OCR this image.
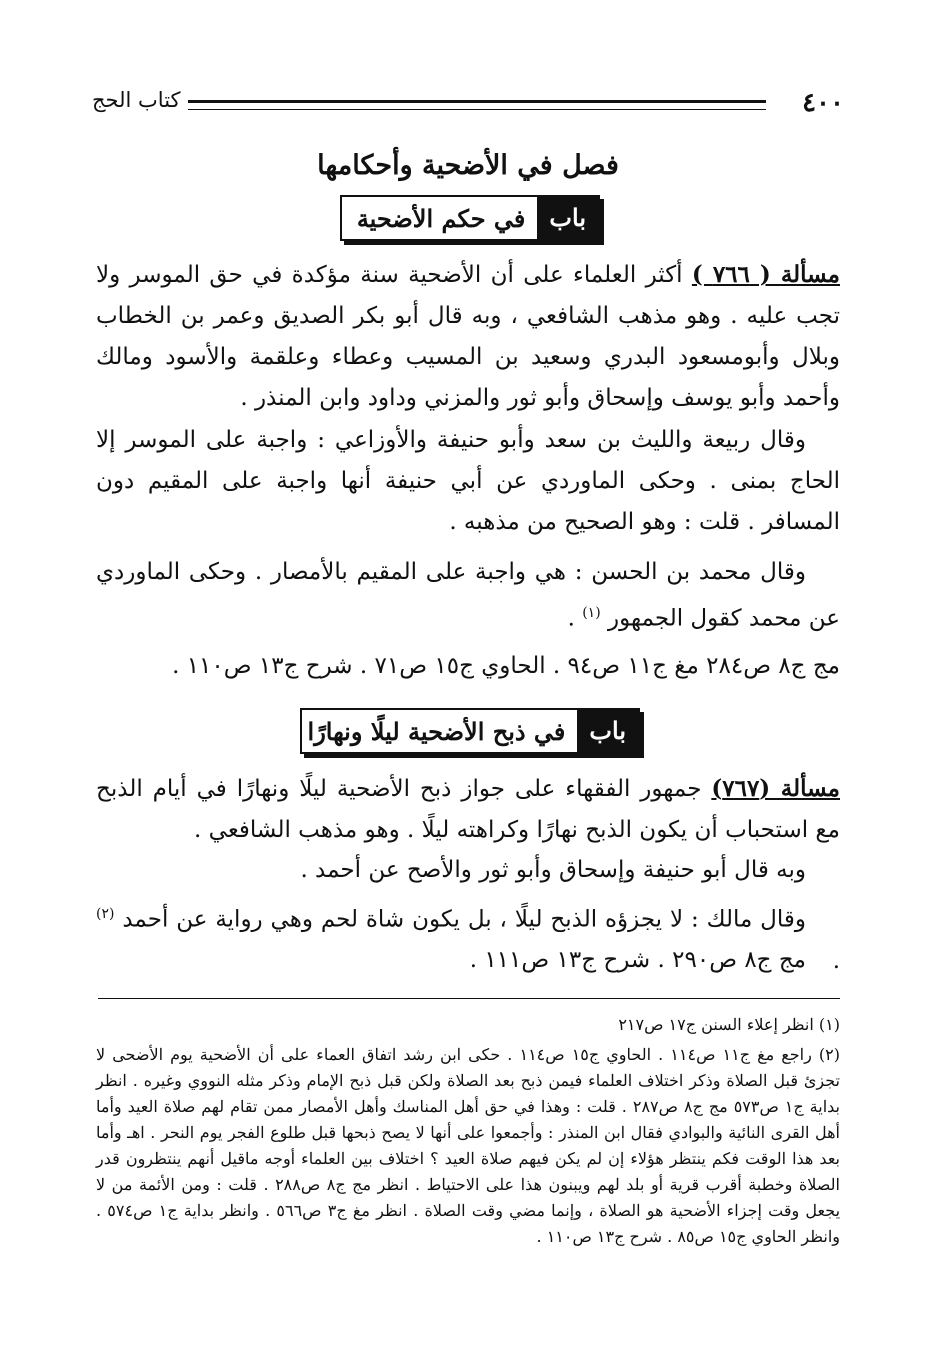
٤٠٠
كتاب الحج
فصل في الأضحية وأحكامها
باب
في حكم الأضحية
مسألة ( ٧٦٦ ) أكثر العلماء على أن الأضحية سنة مؤكدة في حق الموسر ولا تجب عليه . وهو مذهب الشافعي ، وبه قال أبو بكر الصديق وعمر بن الخطاب وبلال وأبومسعود البدري وسعيد بن المسيب وعطاء وعلقمة والأسود ومالك وأحمد وأبو يوسف وإسحاق وأبو ثور والمزني وداود وابن المنذر .
وقال ربيعة والليث بن سعد وأبو حنيفة والأوزاعي : واجبة على الموسر إلا الحاج بمنى . وحكى الماوردي عن أبي حنيفة أنها واجبة على المقيم دون المسافر . قلت : وهو الصحيح من مذهبه .
وقال محمد بن الحسن : هي واجبة على المقيم بالأمصار . وحكى الماوردي عن محمد كقول الجمهور $^{(١)}$ .
مج ج٨ ص٢٨٤ مغ ج١١ ص٩٤ . الحاوي ج١٥ ص٧١ . شرح ج١٣ ص١١٠ .
باب
في ذبح الأضحية ليلًا ونهارًا
مسألة (٧٦٧) جمهور الفقهاء على جواز ذبح الأضحية ليلًا ونهارًا في أيام الذبح مع استحباب أن يكون الذبح نهارًا وكراهته ليلًا . وهو مذهب الشافعي .
وبه قال أبو حنيفة وإسحاق وأبو ثور والأصح عن أحمد .
وقال مالك : لا يجزؤه الذبح ليلًا ، بل يكون شاة لحم وهي رواية عن أحمد $^{(٢)}$ .
مج ج٨ ص٢٩٠ . شرح ج١٣ ص١١١ .
(١) انظر إعلاء السنن ج١٧ ص٢١٧
(٢) راجع مغ ج١١ ص١١٤ . الحاوي ج١٥ ص١١٤ . حكى ابن رشد اتفاق العماء على أن الأضحية يوم الأضحى لا تجزئ قبل الصلاة وذكر اختلاف العلماء فيمن ذبح بعد الصلاة ولكن قبل ذبح الإمام وذكر مثله النووي وغيره . انظر بداية ج١ ص٥٧٣ مج ج٨ ص٢٨٧ . قلت : وهذا في حق أهل المناسك وأهل الأمصار ممن تقام لهم صلاة العيد وأما أهل القرى النائية والبوادي فقال ابن المنذر : وأجمعوا على أنها لا يصح ذبحها قبل طلوع الفجر يوم النحر . اهـ وأما بعد هذا الوقت فكم ينتظر هؤلاء إن لم يكن فيهم صلاة العيد ؟ اختلاف بين العلماء أوجه ماقيل أنهم ينتظرون قدر الصلاة وخطبة أقرب قرية أو بلد لهم ويبنون هذا على الاحتياط . انظر مج ج٨ ص٢٨٨ . قلت : ومن الأئمة من لا يجعل وقت إجزاء الأضحية هو الصلاة ، وإنما مضي وقت الصلاة . انظر مغ ج٣ ص٥٦٦ . وانظر بداية ج١ ص٥٧٤ . وانظر الحاوي ج١٥ ص٨٥ . شرح ج١٣ ص١١٠ .
